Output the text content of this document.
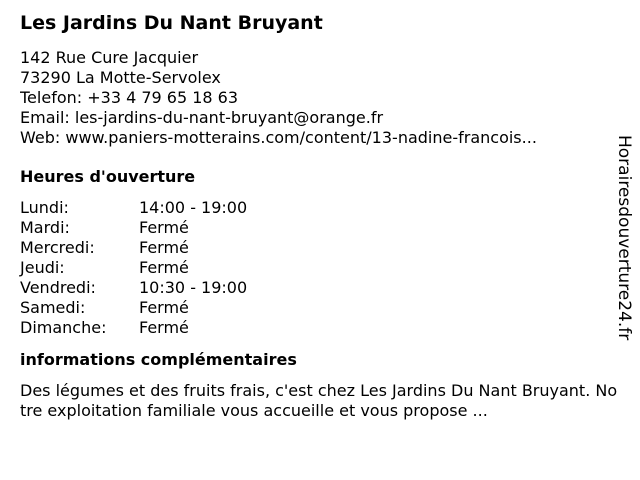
Les Jardins Du Nant Bruyant
142 Rue Cure Jacquier
73290 La Motte-Servolex
Telefon: +33 4 79 65 18 63
Email: les-jardins-du-nant-bruyant@orange.fr
Web: www.paniers-motterains.com/content/13-nadine-francois...
Heures d'ouverture
Lundi:	14:00 - 19:00
Mardi:	Fermé
Mercredi:	Fermé
Jeudi:	Fermé
Vendredi:	10:30 - 19:00
Samedi:	Fermé
Dimanche:	Fermé
informations complémentaires
Des légumes et des fruits frais, c'est chez Les Jardins Du Nant Bruyant. Notre exploitation familiale vous accueille et vous propose ...
Horairesdouverture24.fr
